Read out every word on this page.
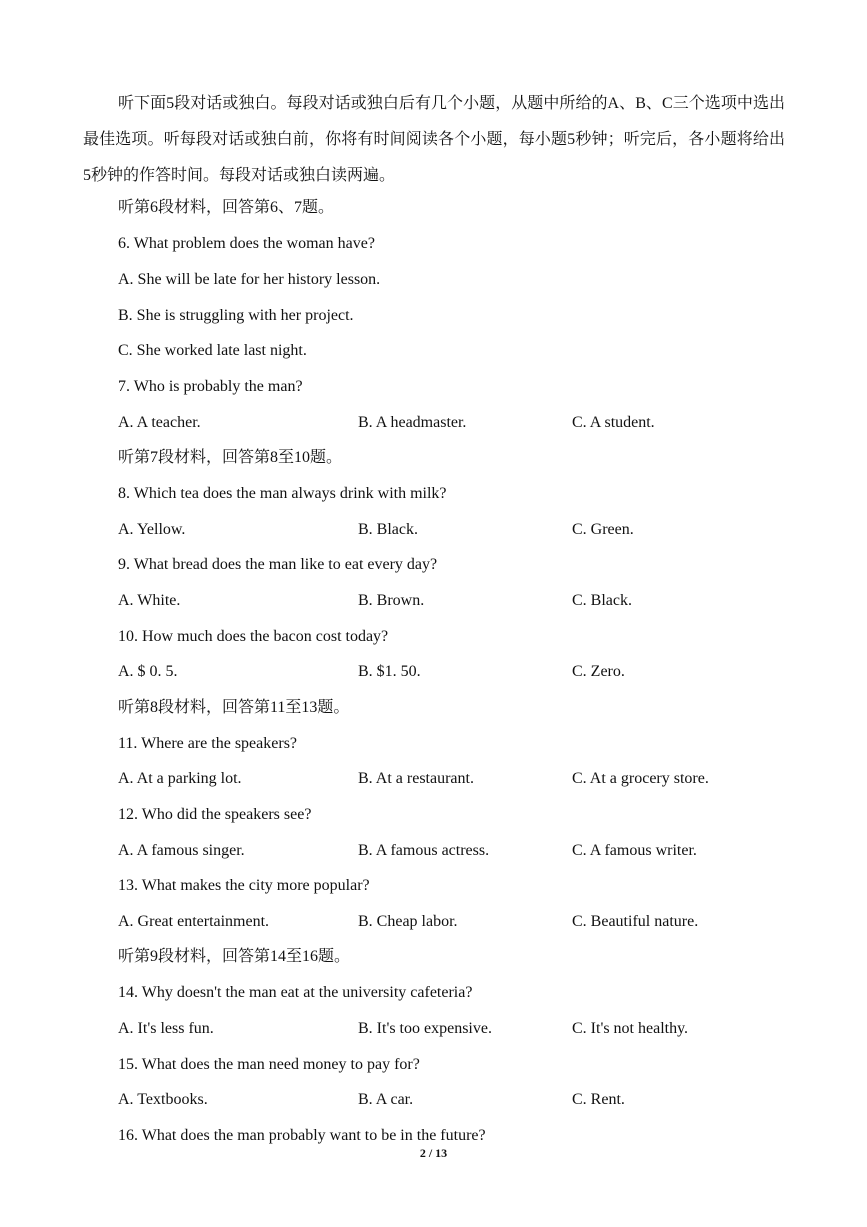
听下面5段对话或独白。每段对话或独白后有几个小题，从题中所给的A、B、C三个选项中选出最佳选项。听每段对话或独白前，你将有时间阅读各个小题，每小题5秒钟；听完后，各小题将给出5秒钟的作答时间。每段对话或独白读两遍。

听第6段材料，回答第6、7题。
6. What problem does the woman have?
A. She will be late for her history lesson.
B. She is struggling with her project.
C. She worked late last night.
7. Who is probably the man?
A. A teacher.	B. A headmaster.	C. A student.
听第7段材料，回答第8至10题。
8. Which tea does the man always drink with milk?
A. Yellow.	B. Black.	C. Green.
9. What bread does the man like to eat every day?
A. White.	B. Brown.	C. Black.
10. How much does the bacon cost today?
A. $ 0. 5.	B. $1. 50.	C. Zero.
听第8段材料，回答第11至13题。
11. Where are the speakers?
A. At a parking lot.	B. At a restaurant.	C. At a grocery store.
12. Who did the speakers see?
A. A famous singer.	B. A famous actress.	C. A famous writer.
13. What makes the city more popular?
A. Great entertainment.	B. Cheap labor.	C. Beautiful nature.
听第9段材料，回答第14至16题。
14. Why doesn't the man eat at the university cafeteria?
A. It's less fun.	B. It's too expensive.	C. It's not healthy.
15. What does the man need money to pay for?
A. Textbooks.	B. A car.	C. Rent.
16. What does the man probably want to be in the future?
2 / 13
